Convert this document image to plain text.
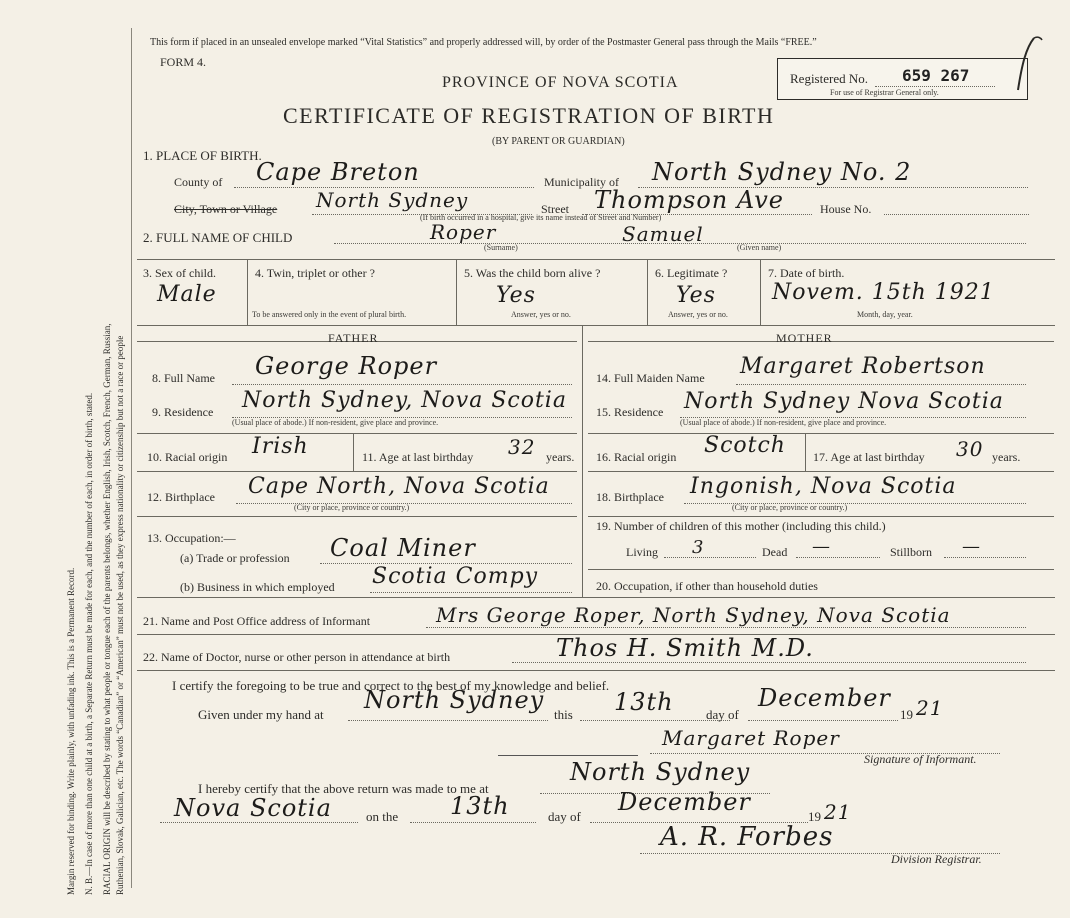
Margin reserved for binding. Write plainly, with unfading ink. This is a Permanent Record. N. B.—In case of more than one child at a birth, a Separate Return must be made for each, and the number of each, in order of birth, stated. RACIAL ORIGIN will be described by stating to what people or tongue each of the parents belongs, whether English, Irish, Scotch, French, German, Russian, Ruthenian, Slovak, Galician, etc. The words “Canadian” or “American” must not be used, as they express nationality or citizenship but not a race or people
This form if placed in an unsealed envelope marked “Vital Statistics” and properly addressed will, by order of the Postmaster General pass through the Mails “FREE.”
FORM 4.
PROVINCE OF NOVA SCOTIA
CERTIFICATE OF REGISTRATION OF BIRTH
(BY PARENT OR GUARDIAN)
Registered No. 659 267
For use of Registrar General only.
1. PLACE OF BIRTH.
County of Cape Breton	Municipality of North Sydney No. 2
City, Town or Village North Sydney	Street Thompson Ave	House No.
(If birth occurred in a hospital, give its name instead of Street and Number)
2. FULL NAME OF CHILD	Roper
(Surname)
Samuel
(Given name)
3. Sex of child.
Male
4. Twin, triplet or other ?
To be answered only in the event of plural birth.
5. Was the child born alive ?
Yes
Answer, yes or no.
6. Legitimate ?
Yes
Answer, yes or no.
7. Date of birth.
Novem. 15th 1921
Month, day, year.
FATHER	MOTHER
8. Full Name George Roper
9. Residence North Sydney, Nova Scotia
(Usual place of abode.) If non-resident, give place and province.
10. Racial origin Irish	11. Age at last birthday 32 years.
12. Birthplace Cape North, Nova Scotia
(City or place, province or country.)
13. Occupation:—
(a) Trade or profession Coal Miner
(b) Business in which employed Scotia Compy
14. Full Maiden Name Margaret Robertson
15. Residence North Sydney Nova Scotia
(Usual place of abode.) If non-resident, give place and province.
16. Racial origin Scotch 17. Age at last birthday 30 years.
18. Birthplace Ingonish, Nova Scotia
(City or place, province or country.)
19. Number of children of this mother (including this child.)
Living 3	Dead —	Stillborn —
20. Occupation, if other than household duties
21. Name and Post Office address of Informant	Mrs George Roper, North Sydney, Nova Scotia
22. Name of Doctor, nurse or other person in attendance at birth	Thos H. Smith M.D.
I certify the foregoing to be true and correct to the best of my knowledge and belief.
Given under my hand at
North Sydney
this 13th day of
December
19 21
Margaret Roper
Signature of Informant.
I hereby certify that the above return was made to me at
North Sydney
Nova Scotia	on the 13th	day of
December
19 21
A. R. Forbes
Division Registrar.
